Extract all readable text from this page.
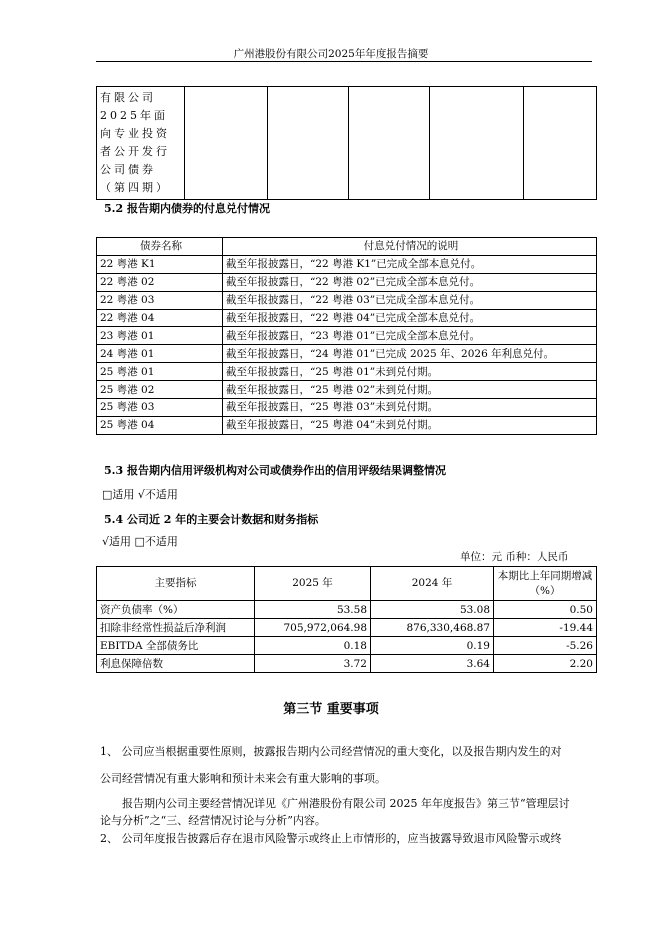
广州港股份有限公司2025年年度报告摘要
有限公司2025年面向专业投资者公开发行公司债券（第四期）					
5.2 报告期内债券的付息兑付情况
债券名称	付息兑付情况的说明
22 粤港 K1	截至年报披露日，“22 粤港 K1”已完成全部本息兑付。
22 粤港 02	截至年报披露日，“22 粤港 02”已完成全部本息兑付。
22 粤港 03	截至年报披露日，“22 粤港 03”已完成全部本息兑付。
22 粤港 04	截至年报披露日，“22 粤港 04”已完成全部本息兑付。
23 粤港 01	截至年报披露日，“23 粤港 01”已完成全部本息兑付。
24 粤港 01	截至年报披露日，“24 粤港 01”已完成 2025 年、2026 年利息兑付。
25 粤港 01	截至年报披露日，“25 粤港 01”未到兑付期。
25 粤港 02	截至年报披露日，“25 粤港 02”未到兑付期。
25 粤港 03	截至年报披露日，“25 粤港 03”未到兑付期。
25 粤港 04	截至年报披露日，“25 粤港 04”未到兑付期。
5.3 报告期内信用评级机构对公司或债券作出的信用评级结果调整情况
□适用 √不适用
5.4 公司近 2 年的主要会计数据和财务指标
√适用 □不适用
单位：元 币种：人民币
主要指标	2025 年	2024 年	本期比上年同期增减（%）
资产负债率（%）	53.58	53.08	0.50
扣除非经常性损益后净利润	705,972,064.98	876,330,468.87	-19.44
EBITDA 全部债务比	0.18	0.19	-5.26
利息保障倍数	3.72	3.64	2.20
第三节 重要事项
1、 公司应当根据重要性原则，披露报告期内公司经营情况的重大变化，以及报告期内发生的对
公司经营情况有重大影响和预计未来会有重大影响的事项。
报告期内公司主要经营情况详见《广州港股份有限公司 2025 年年度报告》第三节“管理层讨
论与分析”之“三、经营情况讨论与分析”内容。
2、 公司年度报告披露后存在退市风险警示或终止上市情形的，应当披露导致退市风险警示或终
